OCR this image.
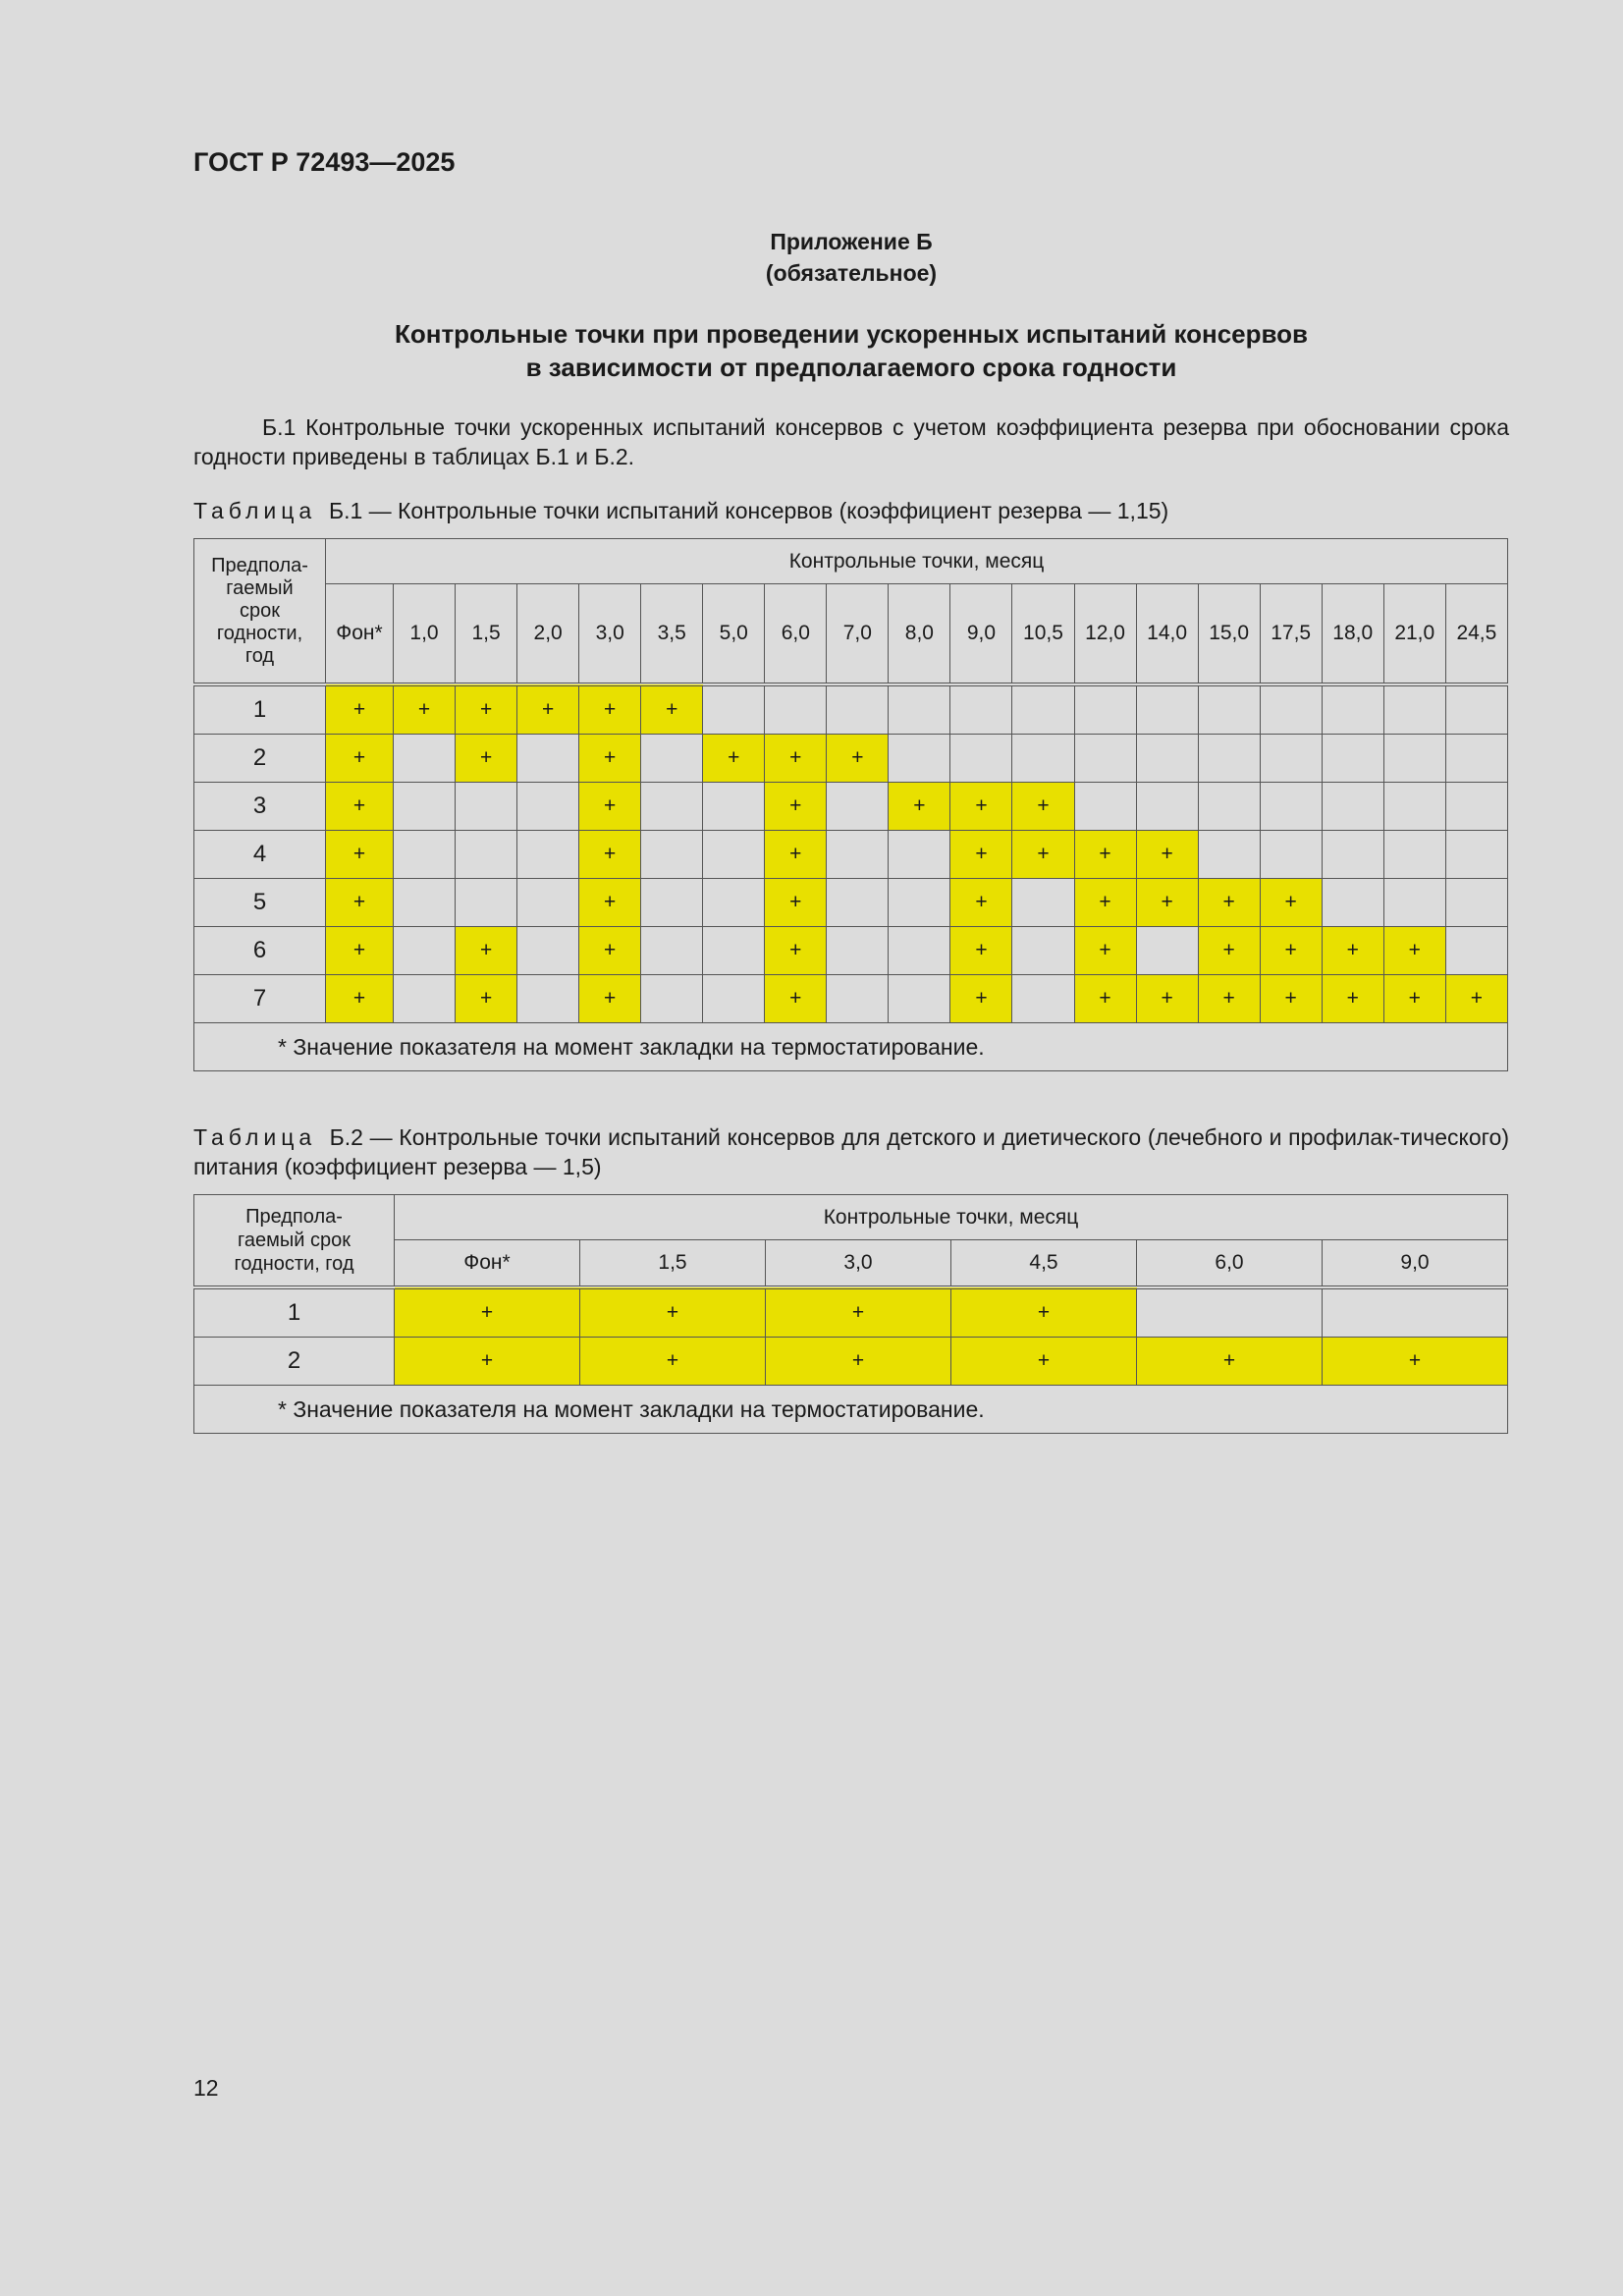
ГОСТ Р 72493—2025
Приложение Б
(обязательное)
Контрольные точки при проведении ускоренных испытаний консервов
в зависимости от предполагаемого срока годности
Б.1 Контрольные точки ускоренных испытаний консервов с учетом коэффициента резерва при обосновании срока годности приведены в таблицах Б.1 и Б.2.
Таблица Б.1 — Контрольные точки испытаний консервов (коэффициент резерва — 1,15)
Предпола-
гаемый
срок
годности,
год	Контрольные точки, месяц																		
	Фон*	1,0	1,5	2,0	3,0	3,5	5,0	6,0	7,0	8,0	9,0	10,5	12,0	14,0	15,0	17,5	18,0	21,0	24,5
1	+	+	+	+	+	+													
2	+		+		+		+	+	+										
3	+				+			+		+	+	+							
4	+				+			+			+	+	+	+					
5	+				+			+			+		+	+	+	+			
6	+		+		+			+			+		+		+	+	+	+	
7	+		+		+			+			+		+	+	+	+	+	+	+
* Значение показателя на момент закладки на термостатирование.																			
Таблица Б.2 — Контрольные точки испытаний консервов для детского и диетического (лечебного и профилак-тического) питания (коэффициент резерва — 1,5)
Предпола-
гаемый срок
годности, год	Контрольные точки, месяц					
	Фон*	1,5	3,0	4,5	6,0	9,0
1	+	+	+	+		
2	+	+	+	+	+	+
* Значение показателя на момент закладки на термостатирование.						
12
